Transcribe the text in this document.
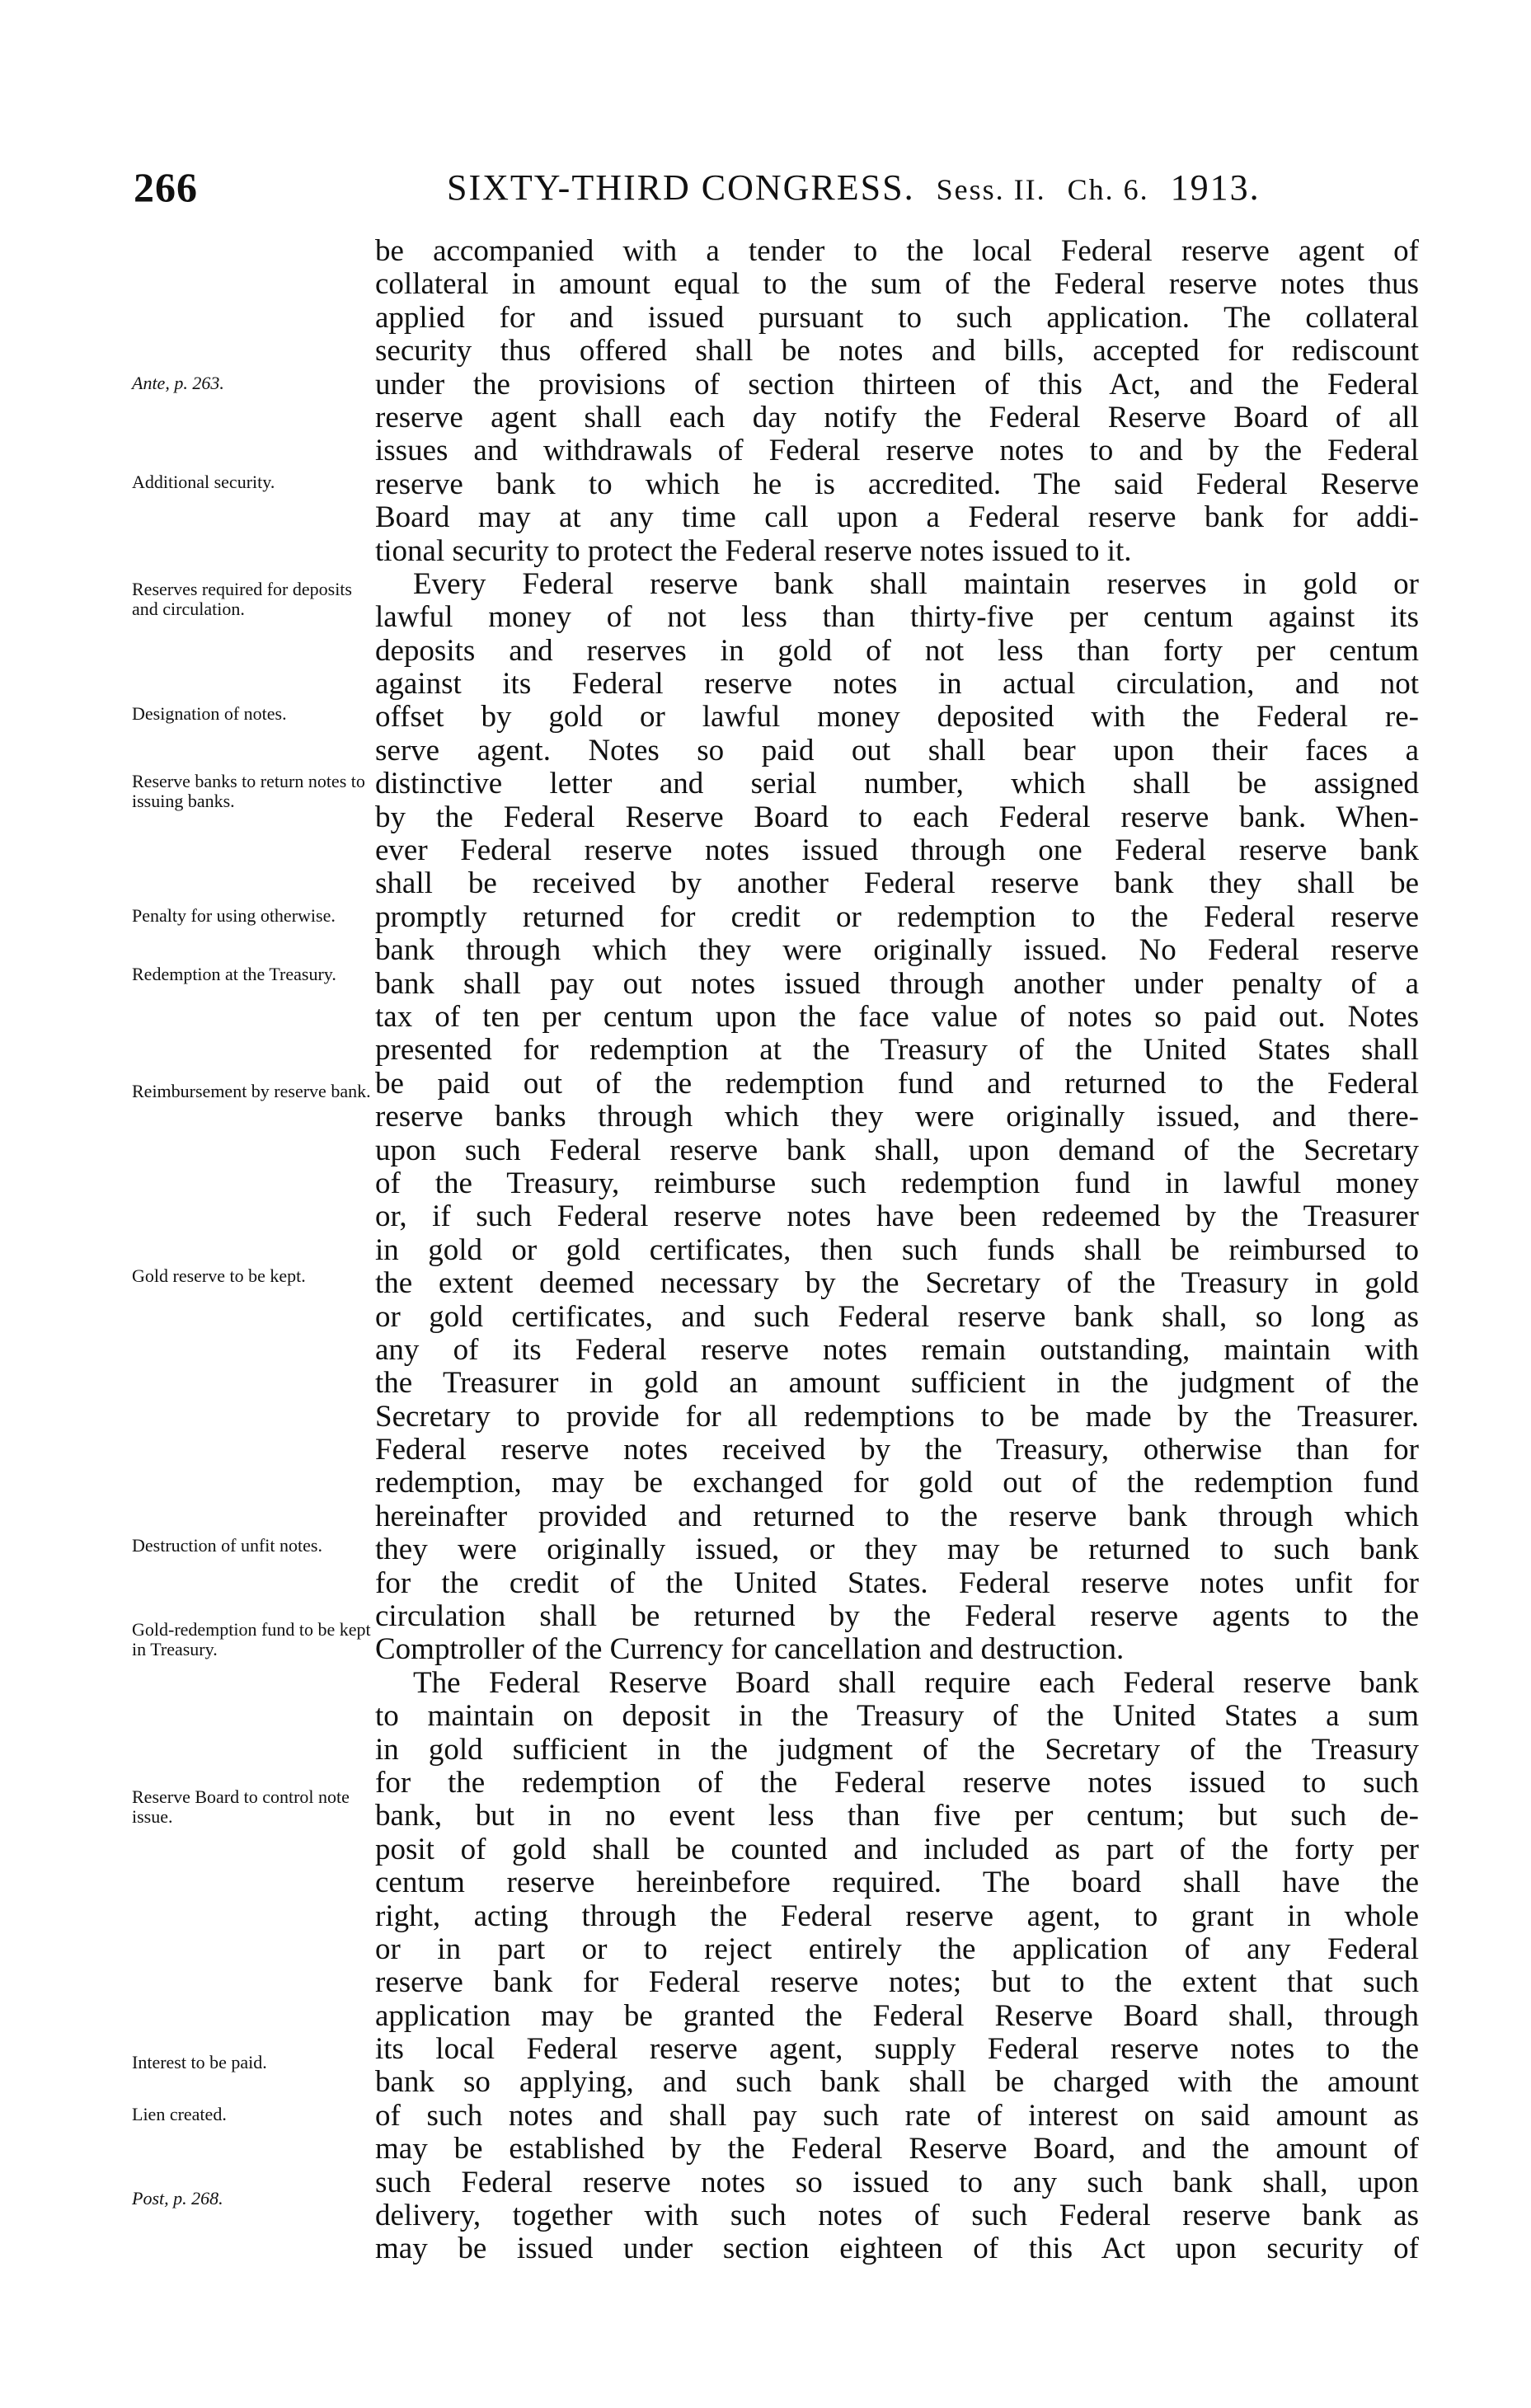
266	SIXTY-THIRD CONGRESS. Sess. II. Ch. 6. 1913.
Ante, p. 263.
Additional security.
Reserves required for deposits and circulation.
Designation of notes.
Reserve banks to return notes to issuing banks.
Penalty for using otherwise.
Redemption at the Treasury.
Reimbursement by reserve bank.
Gold reserve to be kept.
Destruction of unfit notes.
Gold-redemption fund to be kept in Treasury.
Reserve Board to control note issue.
Interest to be paid.
Lien created.
Post, p. 268.
be accompanied with a tender to the local Federal reserve agent of
collateral in amount equal to the sum of the Federal reserve notes thus
applied for and issued pursuant to such application. The collateral
security thus offered shall be notes and bills, accepted for rediscount
under the provisions of section thirteen of this Act, and the Federal
reserve agent shall each day notify the Federal Reserve Board of all
issues and withdrawals of Federal reserve notes to and by the Federal
reserve bank to which he is accredited. The said Federal Reserve
Board may at any time call upon a Federal reserve bank for addi-
tional security to protect the Federal reserve notes issued to it.
Every Federal reserve bank shall maintain reserves in gold or
lawful money of not less than thirty-five per centum against its
deposits and reserves in gold of not less than forty per centum
against its Federal reserve notes in actual circulation, and not
offset by gold or lawful money deposited with the Federal re-
serve agent. Notes so paid out shall bear upon their faces a
distinctive letter and serial number, which shall be assigned
by the Federal Reserve Board to each Federal reserve bank. When-
ever Federal reserve notes issued through one Federal reserve bank
shall be received by another Federal reserve bank they shall be
promptly returned for credit or redemption to the Federal reserve
bank through which they were originally issued. No Federal reserve
bank shall pay out notes issued through another under penalty of a
tax of ten per centum upon the face value of notes so paid out. Notes
presented for redemption at the Treasury of the United States shall
be paid out of the redemption fund and returned to the Federal
reserve banks through which they were originally issued, and there-
upon such Federal reserve bank shall, upon demand of the Secretary
of the Treasury, reimburse such redemption fund in lawful money
or, if such Federal reserve notes have been redeemed by the Treasurer
in gold or gold certificates, then such funds shall be reimbursed to
the extent deemed necessary by the Secretary of the Treasury in gold
or gold certificates, and such Federal reserve bank shall, so long as
any of its Federal reserve notes remain outstanding, maintain with
the Treasurer in gold an amount sufficient in the judgment of the
Secretary to provide for all redemptions to be made by the Treasurer.
Federal reserve notes received by the Treasury, otherwise than for
redemption, may be exchanged for gold out of the redemption fund
hereinafter provided and returned to the reserve bank through which
they were originally issued, or they may be returned to such bank
for the credit of the United States. Federal reserve notes unfit for
circulation shall be returned by the Federal reserve agents to the
Comptroller of the Currency for cancellation and destruction.
The Federal Reserve Board shall require each Federal reserve bank
to maintain on deposit in the Treasury of the United States a sum
in gold sufficient in the judgment of the Secretary of the Treasury
for the redemption of the Federal reserve notes issued to such
bank, but in no event less than five per centum; but such de-
posit of gold shall be counted and included as part of the forty per
centum reserve hereinbefore required. The board shall have the
right, acting through the Federal reserve agent, to grant in whole
or in part or to reject entirely the application of any Federal
reserve bank for Federal reserve notes; but to the extent that such
application may be granted the Federal Reserve Board shall, through
its local Federal reserve agent, supply Federal reserve notes to the
bank so applying, and such bank shall be charged with the amount
of such notes and shall pay such rate of interest on said amount as
may be established by the Federal Reserve Board, and the amount of
such Federal reserve notes so issued to any such bank shall, upon
delivery, together with such notes of such Federal reserve bank as
may be issued under section eighteen of this Act upon security of
